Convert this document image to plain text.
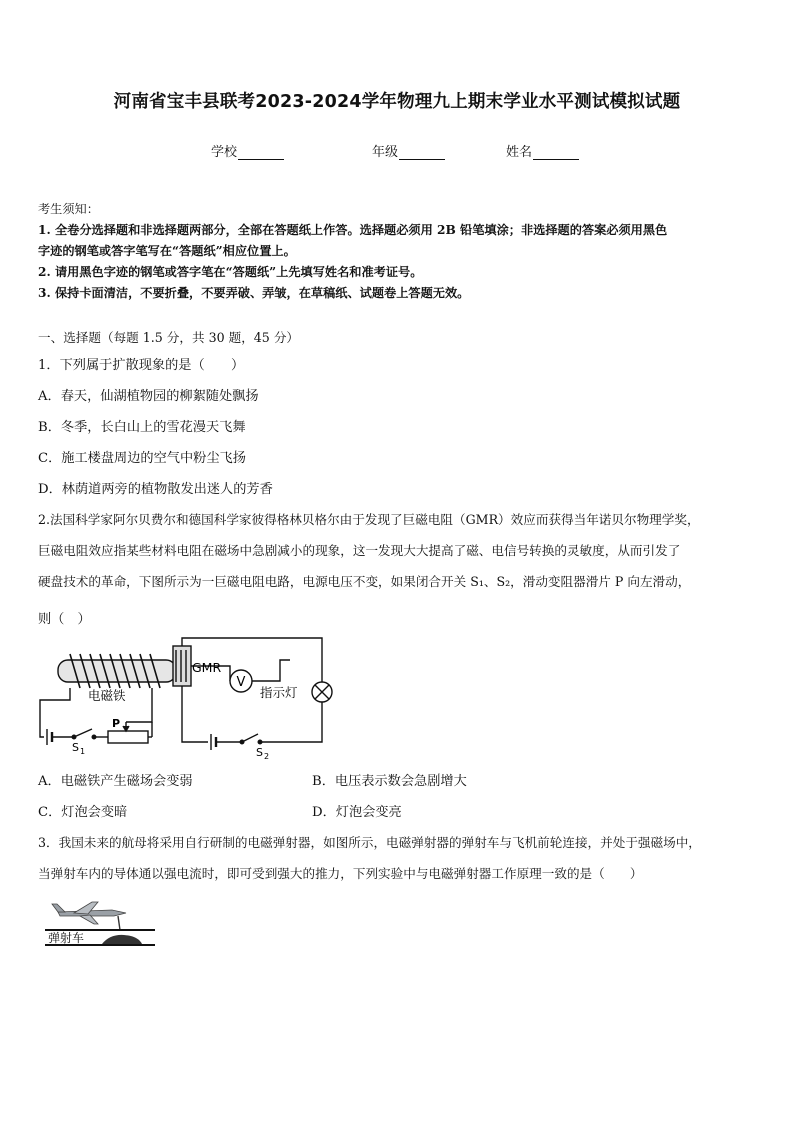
河南省宝丰县联考2023-2024学年物理九上期末学业水平测试模拟试题
学校	年级	姓名
考生须知：
1. 全卷分选择题和非选择题两部分，全部在答题纸上作答。选择题必须用 2B 铅笔填涂；非选择题的答案必须用黑色
字迹的钢笔或答字笔写在“答题纸”相应位置上。
2. 请用黑色字迹的钢笔或答字笔在“答题纸”上先填写姓名和准考证号。
3. 保持卡面清洁，不要折叠，不要弄破、弄皱，在草稿纸、试题卷上答题无效。
一、选择题（每题 1.5 分，共 30 题，45 分）
1．下列属于扩散现象的是（　　）
A．春天，仙湖植物园的柳絮随处飘扬
B．冬季，长白山上的雪花漫天飞舞
C．施工楼盘周边的空气中粉尘飞扬
D．林荫道两旁的植物散发出迷人的芳香
2.法国科学家阿尔贝费尔和德国科学家彼得格林贝格尔由于发现了巨磁电阻（GMR）效应而获得当年诺贝尔物理学奖，
巨磁电阻效应指某些材料电阻在磁场中急剧减小的现象，这一发现大大提高了磁、电信号转换的灵敏度，从而引发了
硬盘技术的革命，下图所示为一巨磁电阻电路，电源电压不变，如果闭合开关 S₁、S₂，滑动变阻器滑片 P 向左滑动，
则（　）
V
电磁铁
GMR
指示灯
P
S 1	S 2
A．电磁铁产生磁场会变弱	B．电压表示数会急剧增大
C．灯泡会变暗	D．灯泡会变亮
3．我国未来的航母将采用自行研制的电磁弹射器，如图所示，电磁弹射器的弹射车与飞机前轮连接，并处于强磁场中，
当弹射车内的导体通以强电流时，即可受到强大的推力，下列实验中与电磁弹射器工作原理一致的是（　　）
弹射车
